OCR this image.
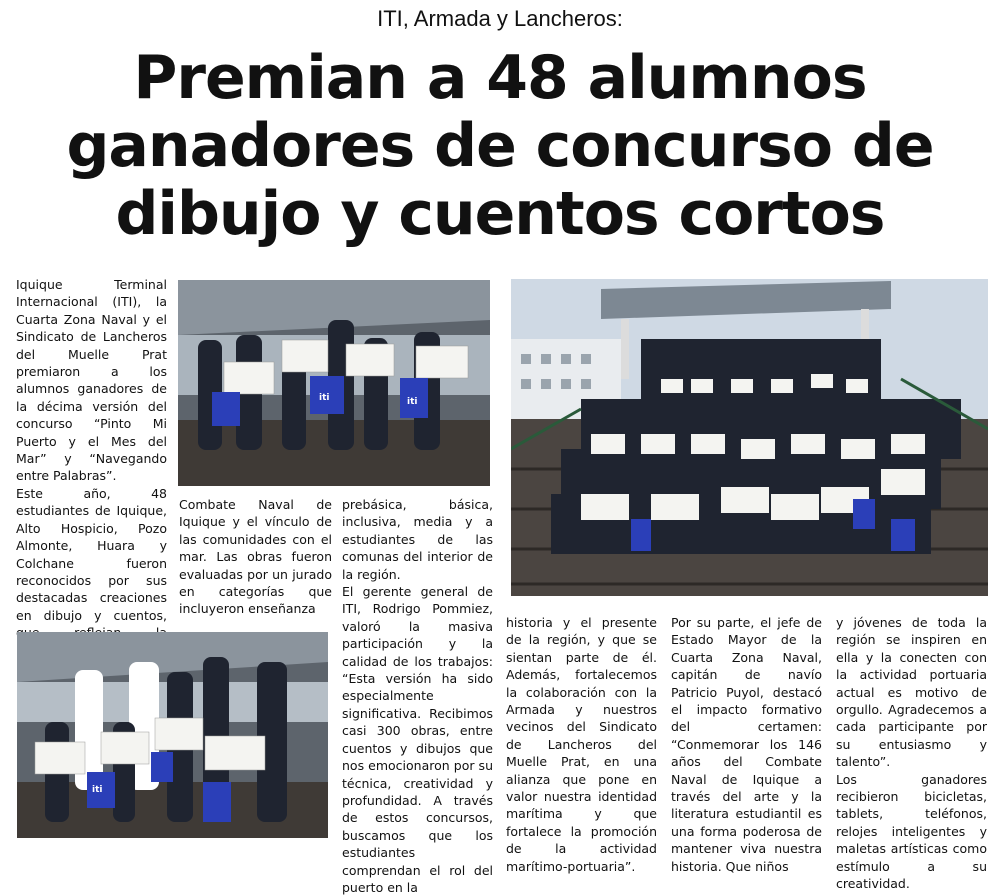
ITI, Armada y Lancheros:
Premian a 48 alumnos
ganadores de concurso de
dibujo y cuentos cortos

Iquique Terminal Internacional (ITI), la Cuarta Zona Naval y el Sindicato de Lancheros del Muelle Prat premiaron a los alumnos ganadores de la décima versión del concurso “Pinto Mi Puerto y el Mes del Mar” y “Navegando entre Palabras”.

Este año, 48 estudiantes de Iquique, Alto Hospicio, Pozo Almonte, Huara y Colchane fueron reconocidos por sus destacadas creaciones en dibujo y cuentos,

Combate Naval de Iquique y el vínculo de las comunidades con el mar. Las obras fueron evaluadas por un jurado en categorías que incluyeron enseñanza

prebásica, básica, inclusiva, media y a estudiantes de las comunas del interior de la región.

El gerente general de ITI, Rodrigo Pommiez, valoró la masiva participación y la calidad de los trabajos: “Esta versión ha sido especialmente significativa. Recibimos casi 300 obras, entre cuentos y dibujos que nos emocionaron por su técnica, creatividad y profundidad. A través de estos concursos, buscamos que los estudiantes comprendan el rol del puerto en la

historia y el presente de la región, y que se sientan parte de él. Además, fortalecemos la colaboración con la Armada y nuestros vecinos del Sindicato de Lancheros del Muelle Prat, en una alianza que pone en valor nuestra identidad marítima y que fortalece la promoción de la actividad marítimo-portuaria”.

Por su parte, el jefe de Estado Mayor de la Cuarta Zona Naval, capitán de navío Patricio Puyol, destacó el impacto formativo del certamen: “Conmemorar los 146 años del Combate Naval de Iquique a través del arte y la literatura estudiantil es una forma poderosa de mantener viva nuestra historia. Que niños

y jóvenes de toda la región se inspiren en ella y la conecten con la actividad portuaria actual es motivo de orgullo. Agradecemos a cada participante por su entusiasmo y talento”.

Los ganadores recibieron bicicletas, tablets, teléfonos, relojes inteligentes y maletas artísticas como estímulo a su creatividad.

iti	iti
iti
